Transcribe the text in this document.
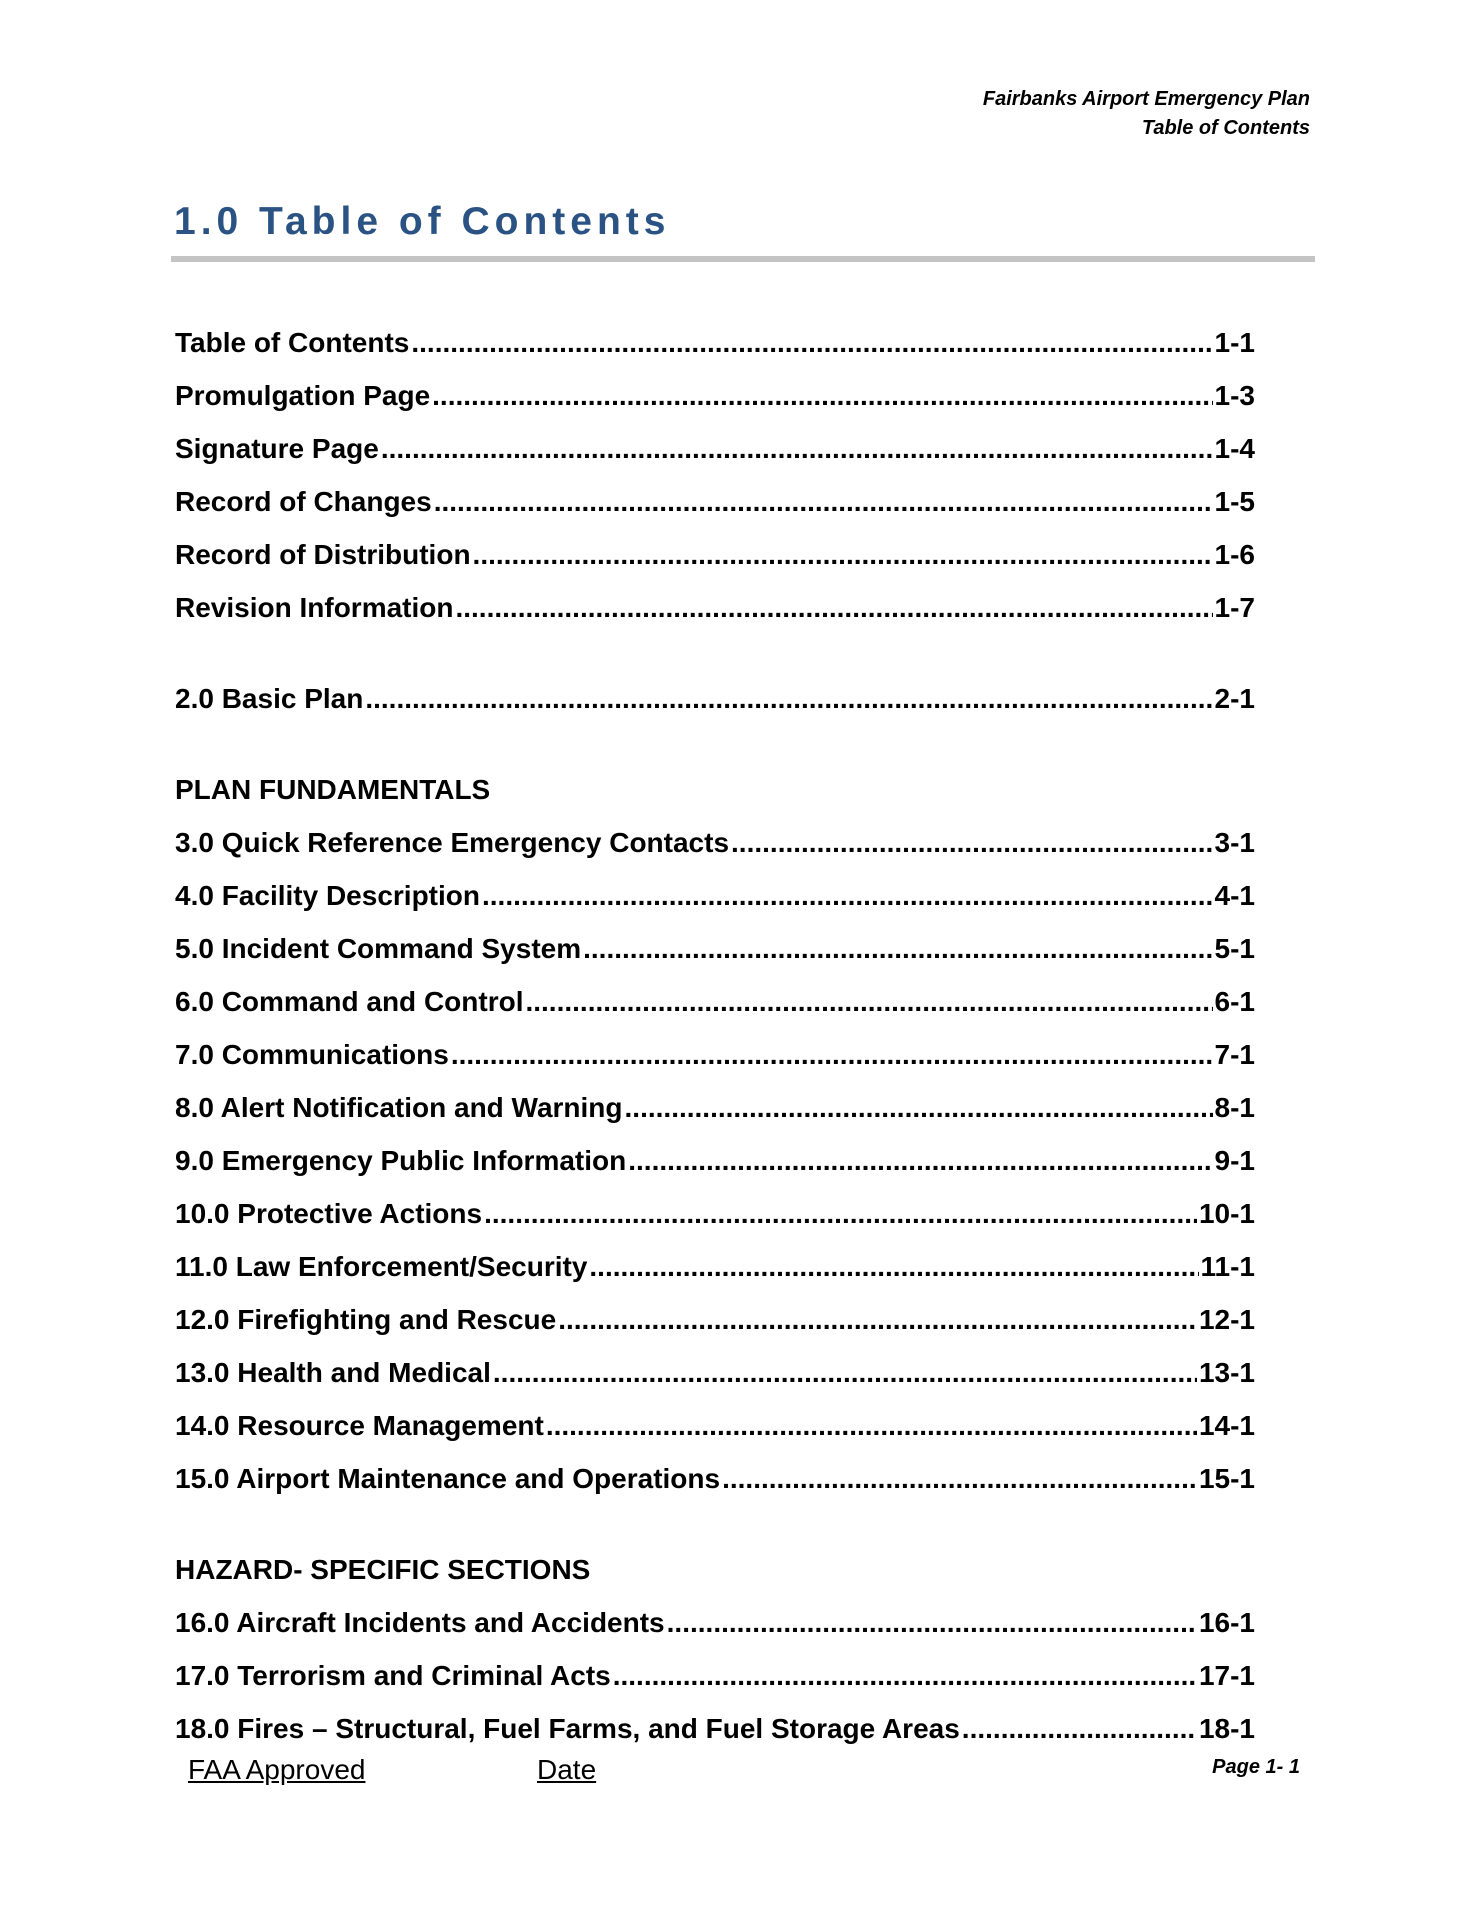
Fairbanks Airport Emergency Plan
Table of Contents
1.0 Table of Contents
Table of Contents .....	1-1
Promulgation Page .....	1-3
Signature Page .....	1-4
Record of Changes .....	1-5
Record of Distribution .....	1-6
Revision Information .....	1-7
2.0 Basic Plan .....	2-1
PLAN FUNDAMENTALS
3.0 Quick Reference Emergency Contacts .....	3-1
4.0 Facility Description .....	4-1
5.0 Incident Command System .....	5-1
6.0 Command and Control .....	6-1
7.0 Communications .....	7-1
8.0 Alert Notification and Warning .....	8-1
9.0 Emergency Public Information .....	9-1
10.0 Protective Actions .....	10-1
11.0 Law Enforcement/Security .....	11-1
12.0 Firefighting and Rescue .....	12-1
13.0 Health and Medical .....	13-1
14.0 Resource Management .....	14-1
15.0 Airport Maintenance and Operations .....	15-1
HAZARD- SPECIFIC SECTIONS
16.0 Aircraft Incidents and Accidents .....	16-1
17.0 Terrorism and Criminal Acts .....	17-1
18.0 Fires – Structural, Fuel Farms, and Fuel Storage Areas .....	18-1
FAA Approved	Date	Page 1- 1
